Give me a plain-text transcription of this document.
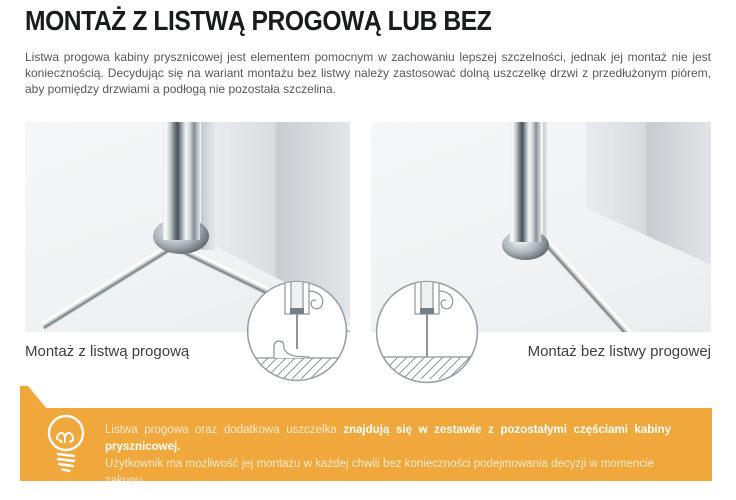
MONTAŻ Z LISTWĄ PROGOWĄ LUB BEZ
Listwa progowa kabiny prysznicowej jest elementem pomocnym w zachowaniu lepszej szczelności, jednak jej montaż nie jest koniecznością. Decydując się na wariant montażu bez listwy należy zastosować dolną uszczelkę drzwi z przedłużonym piórem, aby pomiędzy drzwiami a podłogą nie pozostała szczelina.
Montaż z listwą progową	Montaż bez listwy progowej
Listwa progowa oraz dodatkowa uszczelka znajdują się w zestawie z pozostałymi częściami kabiny prysznicowej.
Użytkownik ma możliwość jej montażu w każdej chwili bez konieczności podejmowania decyzji w momencie zakupu.
